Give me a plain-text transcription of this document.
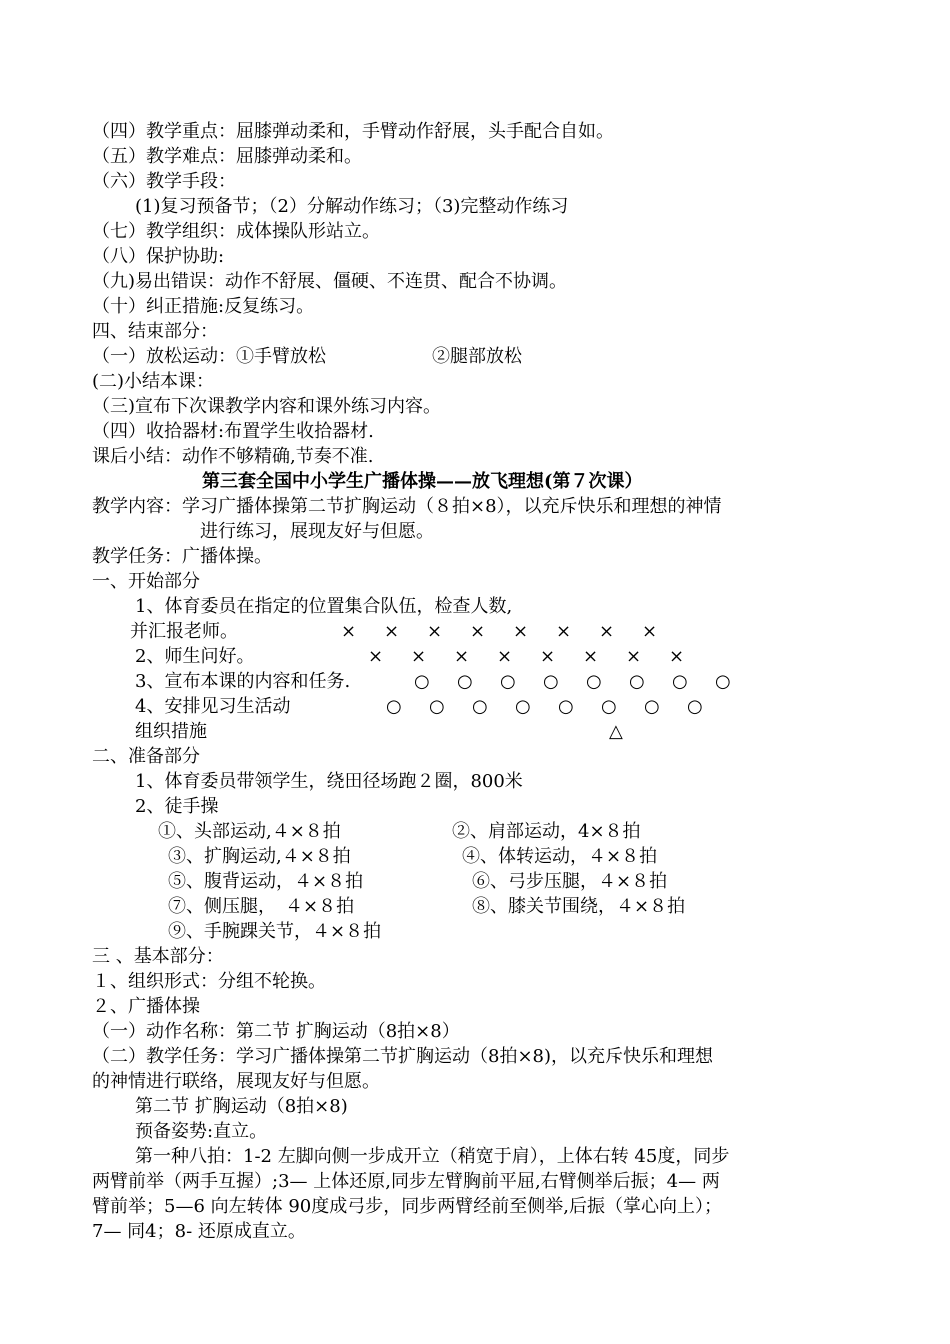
（四）教学重点：屈膝弹动柔和，手臂动作舒展，头手配合自如。
（五）教学难点：屈膝弹动柔和。
（六）教学手段：
(1)复习预备节；（2）分解动作练习；（3)完整动作练习
（七）教学组织：成体操队形站立。
（八）保护协助:
（九)易出错误：动作不舒展、僵硬、不连贯、配合不协调。
（十）纠正措施:反复练习。
四、结束部分：
（一）放松运动：①手臂放松	②腿部放松
(二)小结本课：
（三)宣布下次课教学内容和课外练习内容。
（四）收拾器材:布置学生收拾器材.
课后小结：动作不够精确,节奏不准.
第三套全国中小学生广播体操——放飞理想(第７次课）
教学内容：学习广播体操第二节扩胸运动（８拍×8），以充斥快乐和理想的神情
进行练习，展现友好与但愿。
教学任务：广播体操。
一、开始部分
1、体育委员在指定的位置集合队伍，检查人数,
并汇报老师。
2、师生问好。
3、宣布本课的内容和任务.
4、安排见习生活动
组织措施
× × × × × × × ×
× × × × × × × ×
○ ○ ○ ○ ○ ○ ○ ○
○ ○ ○ ○ ○ ○ ○ ○
△
二、准备部分
1、体育委员带领学生，绕田径场跑２圈，800米
2、徒手操
①、头部运动,４×８拍	②、肩部运动，4×８拍
③、扩胸运动,４×８拍	④、体转运动，４×８拍
⑤、腹背运动，４×８拍	⑥、弓步压腿，４×８拍
⑦、侧压腿，　４×８拍	⑧、膝关节围绕，４×８拍
⑨、手腕踝关节，４×８拍
三 、基本部分：
１、组织形式：分组不轮换。
２、广播体操
（一）动作名称：第二节 扩胸运动（8拍×8）
（二）教学任务：学习广播体操第二节扩胸运动（8拍×8)，以充斥快乐和理想
的神情进行联络，展现友好与但愿。
第二节 扩胸运动（8拍×8)
预备姿势:直立。
第一种八拍：1-2 左脚向侧一步成开立（稍宽于肩），上体右转 45度，同步
两臂前举（两手互握）;3— 上体还原,同步左臂胸前平屈,右臂侧举后振；4— 两
臂前举；5—6 向左转体 90度成弓步，同步两臂经前至侧举,后振（掌心向上）；
7— 同4；8- 还原成直立。
